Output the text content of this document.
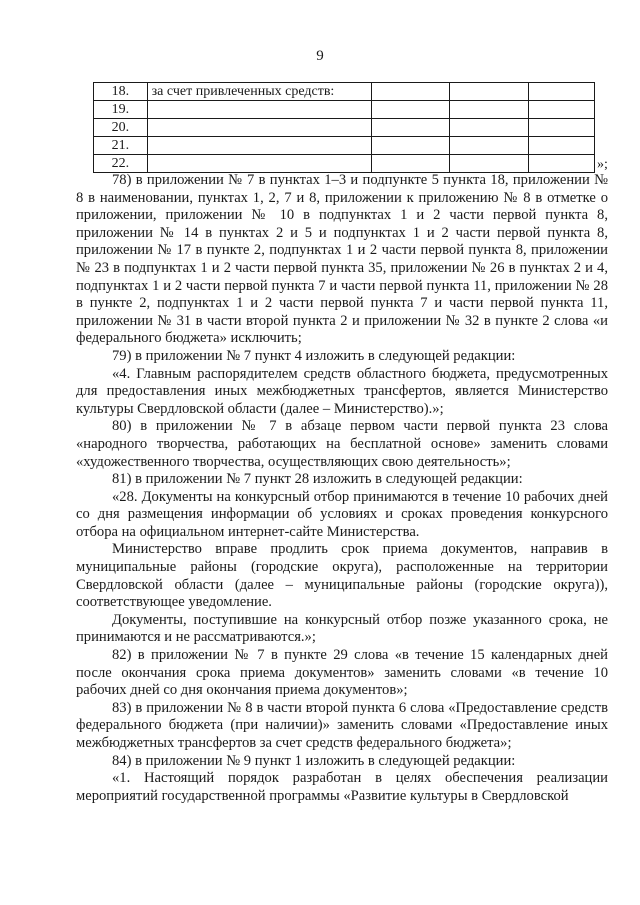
9
18.	за счет привлеченных средств:			
19.				
20.				
21.				
22.					»;

78) в приложении № 7 в пунктах 1–3 и подпункте 5 пункта 18, приложении № 8 в наименовании, пунктах 1, 2, 7 и 8, приложении к приложению № 8 в отметке о приложении, приложении № 10 в подпунктах 1 и 2 части первой пункта 8, приложении № 14 в пунктах 2 и 5 и подпунктах 1 и 2 части первой пункта 8, приложении № 17 в пункте 2, подпунктах 1 и 2 части первой пункта 8, приложении № 23 в подпунктах 1 и 2 части первой пункта 35, приложении № 26 в пунктах 2 и 4, подпунктах 1 и 2 части первой пункта 7 и части первой пункта 11, приложении № 28 в пункте 2, подпунктах 1 и 2 части первой пункта 7 и части первой пункта 11, приложении № 31 в части второй пункта 2 и приложении № 32 в пункте 2 слова «и федерального бюджета» исключить;

79) в приложении № 7 пункт 4 изложить в следующей редакции:

«4. Главным распорядителем средств областного бюджета, предусмотренных для предоставления иных межбюджетных трансфертов, является Министерство культуры Свердловской области (далее – Министерство).»;

80) в приложении № 7 в абзаце первом части первой пункта 23 слова «народного творчества, работающих на бесплатной основе» заменить словами «художественного творчества, осуществляющих свою деятельность»;

81) в приложении № 7 пункт 28 изложить в следующей редакции:

«28. Документы на конкурсный отбор принимаются в течение 10 рабочих дней со дня размещения информации об условиях и сроках проведения конкурсного отбора на официальном интернет-сайте Министерства.

Министерство вправе продлить срок приема документов, направив в муниципальные районы (городские округа), расположенные на территории Свердловской области (далее – муниципальные районы (городские округа)), соответствующее уведомление.

Документы, поступившие на конкурсный отбор позже указанного срока, не принимаются и не рассматриваются.»;

82) в приложении № 7 в пункте 29 слова «в течение 15 календарных дней после окончания срока приема документов» заменить словами «в течение 10 рабочих дней со дня окончания приема документов»;

83) в приложении № 8 в части второй пункта 6 слова «Предоставление средств федерального бюджета (при наличии)» заменить словами «Предоставление иных межбюджетных трансфертов за счет средств федерального бюджета»;

84) в приложении № 9 пункт 1 изложить в следующей редакции:

«1. Настоящий порядок разработан в целях обеспечения реализации мероприятий государственной программы «Развитие культуры в Свердловской
